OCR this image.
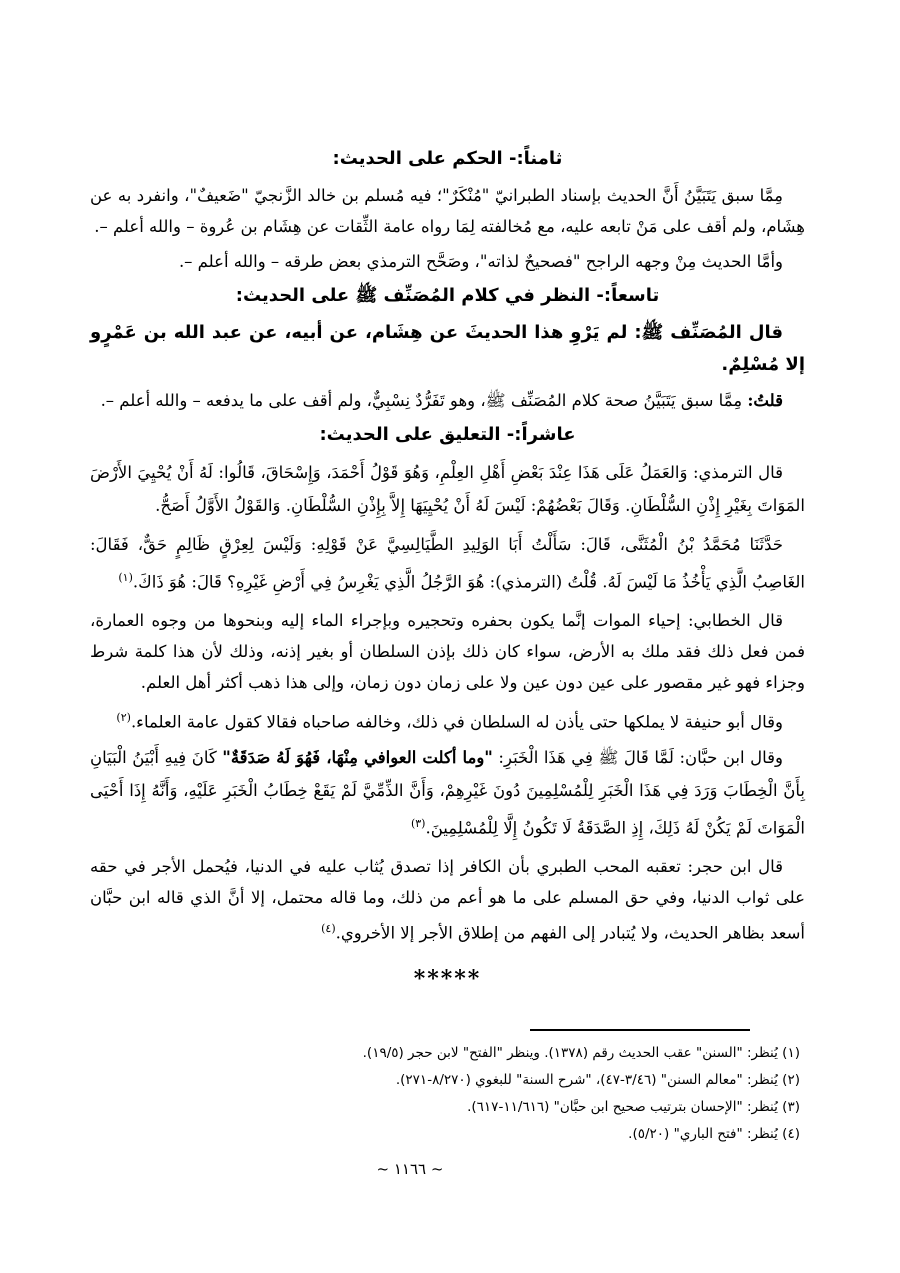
ثامناً:- الحكم على الحديث:

مِمَّا سبق يَتَبَيَّنُ أَنَّ الحديث بإسناد الطبرانيّ "مُنْكَرٌ"؛ فيه مُسلم بن خالد الزَّنجيّ "ضَعيفٌ"، وانفرد به عن هِشَام، ولم أقف على مَنْ تابعه عليه، مع مُخالفته لِمَا رواه عامة الثِّقات عن هِشَام بن عُروة – والله أعلم –.

وأمَّا الحديث مِنْ وجهه الراجح "فصحيحٌ لذاته"، وصَحَّح الترمذي بعض طرقه – والله أعلم –.

تاسعاً:- النظر في كلام المُصَنِّف ﷺ على الحديث:

قال المُصَنِّف ﷺ: لم يَرْوِ هذا الحديثَ عن هِشَام، عن أبيه، عن عبد الله بن عَمْرٍو إلا مُسْلِمٌ.

قلتُ: مِمَّا سبق يَتَبَيَّنُ صحة كلام المُصَنِّف ﷺ، وهو تَفَرُّدٌ نِسْبِيٌّ، ولم أقف على ما يدفعه – والله أعلم –.

عاشراً:- التعليق على الحديث:

قال الترمذي: وَالعَمَلُ عَلَى هَذَا عِنْدَ بَعْضِ أَهْلِ العِلْمِ، وَهُوَ قَوْلُ أَحْمَدَ، وَإِسْحَاقَ، قَالُوا: لَهُ أَنْ يُحْيِيَ الأَرْضَ المَوَاتَ بِغَيْرِ إِذْنِ السُّلْطَانِ. وَقَالَ بَعْضُهُمْ: لَيْسَ لَهُ أَنْ يُحْيِيَهَا إِلاَّ بِإِذْنِ السُّلْطَانِ. وَالقَوْلُ الأَوَّلُ أَصَحُّ.

حَدَّثَنَا مُحَمَّدُ بْنُ الْمُثَنَّى، قَالَ: سَأَلْتُ أَبَا الوَلِيدِ الطَّيَالِسِيَّ عَنْ قَوْلِهِ: وَلَيْسَ لِعِرْقٍ ظَالِمٍ حَقٌّ، فَقَالَ: الغَاصِبُ الَّذِي يَأْخُذُ مَا لَيْسَ لَهُ. قُلْتُ (الترمذي): هُوَ الرَّجُلُ الَّذِي يَغْرِسُ فِي أَرْضِ غَيْرِهِ؟ قَالَ: هُوَ ذَاكَ.$^{(١)}$

قال الخطابي: إحياء الموات إنَّما يكون بحفره وتحجيره وبإجراء الماء إليه وبنحوها من وجوه العمارة، فمن فعل ذلك فقد ملك به الأرض، سواء كان ذلك بإذن السلطان أو بغير إذنه، وذلك لأن هذا كلمة شرط وجزاء فهو غير مقصور على عين دون عين ولا على زمان دون زمان، وإلى هذا ذهب أكثر أهل العلم.

وقال أبو حنيفة لا يملكها حتى يأذن له السلطان في ذلك، وخالفه صاحباه فقالا كقول عامة العلماء.$^{(٢)}$

وقال ابن حبَّان: لَمَّا قَالَ ﷺ فِي هَذَا الْخَبَرِ: "وما أكلت العوافي مِنْهَا، فَهُوَ لَهُ صَدَقَةٌ" كَانَ فِيهِ أَبْيَنُ الْبَيَانِ بِأَنَّ الْخِطَابَ وَرَدَ فِي هَذَا الْخَبَرِ لِلْمُسْلِمِينَ دُونَ غَيْرِهِمْ، وَأَنَّ الذِّمِّيَّ لَمْ يَقَعْ خِطَابُ الْخَبَرِ عَلَيْهِ، وَأَنَّهُ إِذَا أَحْيَى الْمَوَاتَ لَمْ يَكُنْ لَهُ ذَلِكَ، إِذِ الصَّدَقَةُ لَا تَكُونُ إِلَّا لِلْمُسْلِمِينَ.$^{(٣)}$

قال ابن حجر: تعقبه المحب الطبري بأن الكافر إذا تصدق يُثاب عليه في الدنيا، فيُحمل الأجر في حقه على ثواب الدنيا، وفي حق المسلم على ما هو أعم من ذلك، وما قاله محتمل، إلا أنَّ الذي قاله ابن حبَّان أسعد بظاهر الحديث، ولا يُتبادر إلى الفهم من إطلاق الأجر إلا الأخروي.$^{(٤)}$

*****

(١) يُنظر: "السنن" عقب الحديث رقم (١٣٧٨). وينظر "الفتح" لابن حجر (١٩/٥).

(٢) يُنظر: "معالم السنن" (٣/٤٦-٤٧)، "شرح السنة" للبغوي (٨/٢٧٠-٢٧١).

(٣) يُنظر: "الإحسان بترتيب صحيح ابن حبَّان" (١١/٦١٦-٦١٧).

(٤) يُنظر: "فتح الباري" (٥/٢٠).

~ ١١٦٦ ~
